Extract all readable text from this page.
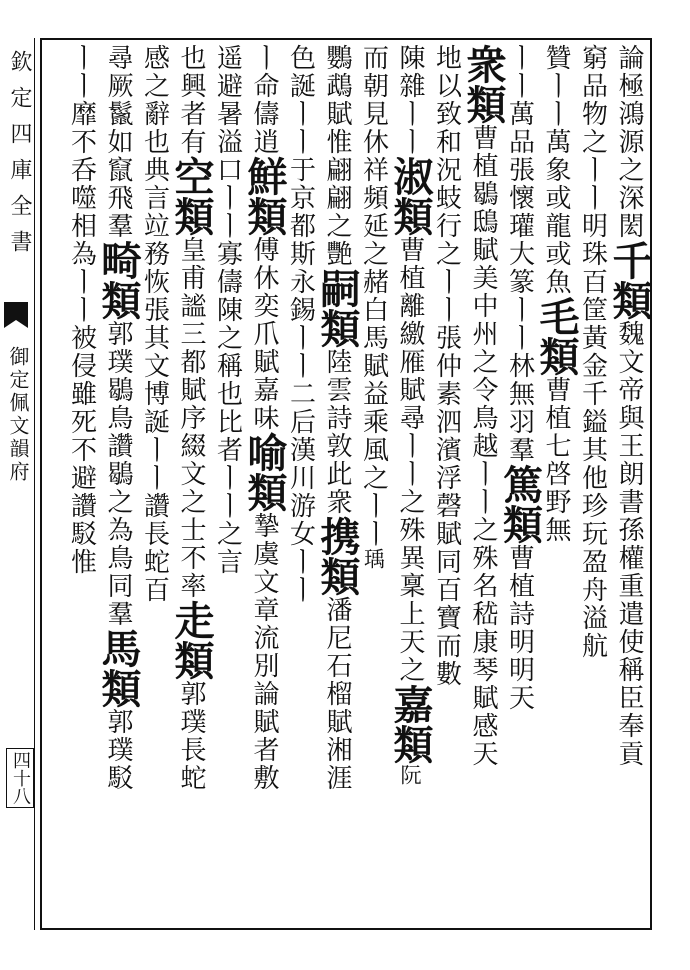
欽定四庫全書
御定佩文韻府
四十八
論極鴻源之深閎千類魏文帝與王朗書孫權重遣使稱臣奉貢
窮品物之ㅣㅣ明珠百筐黃金千鎰其他珍玩盈舟溢航
贊ㅣㅣ萬象或龍或魚毛類曹植七啓野無
ㅣㅣ萬品張懷瓘大篆ㅣㅣ林無羽羣篤類曹植詩明明天
衆類曹植鶡鴟賦美中州之令鳥越ㅣㅣ之殊名嵇康琴賦感天
地以致和況蚑行之ㅣㅣ張仲素泗濱浮磬賦同百寶而數
陳雜ㅣㅣ淑類曹植離繳雁賦尋ㅣㅣ之殊異稟上天之嘉類阮
而朝見休祥頻延之赭白馬賦益乘風之ㅣㅣ瑀
鸚鵡賦惟翩翩之艷嗣類陸雲詩敦此衆携類潘尼石榴賦湘涯
色誕ㅣㅣ于京都斯永錫ㅣㅣ二后漢川游女ㅣㅣ
ㅣ命儔逍鮮類傅休奕爪賦嘉味喻類摯虞文章流別論賦者敷
遥避暑溢口ㅣㅣ寡儔陳之稱也比者ㅣㅣ之言
也興者有空類皇甫謐三都賦序綴文之士不率走類郭璞長蛇
感之辭也典言竝務恢張其文博誕ㅣㅣ讚長蛇百
尋厥鬣如竄飛羣畸類郭璞鶡鳥讚鶡之為鳥同羣馬類郭璞駁
ㅣㅣ靡不呑噬相為ㅣㅣ被侵雖死不避讚駁惟
